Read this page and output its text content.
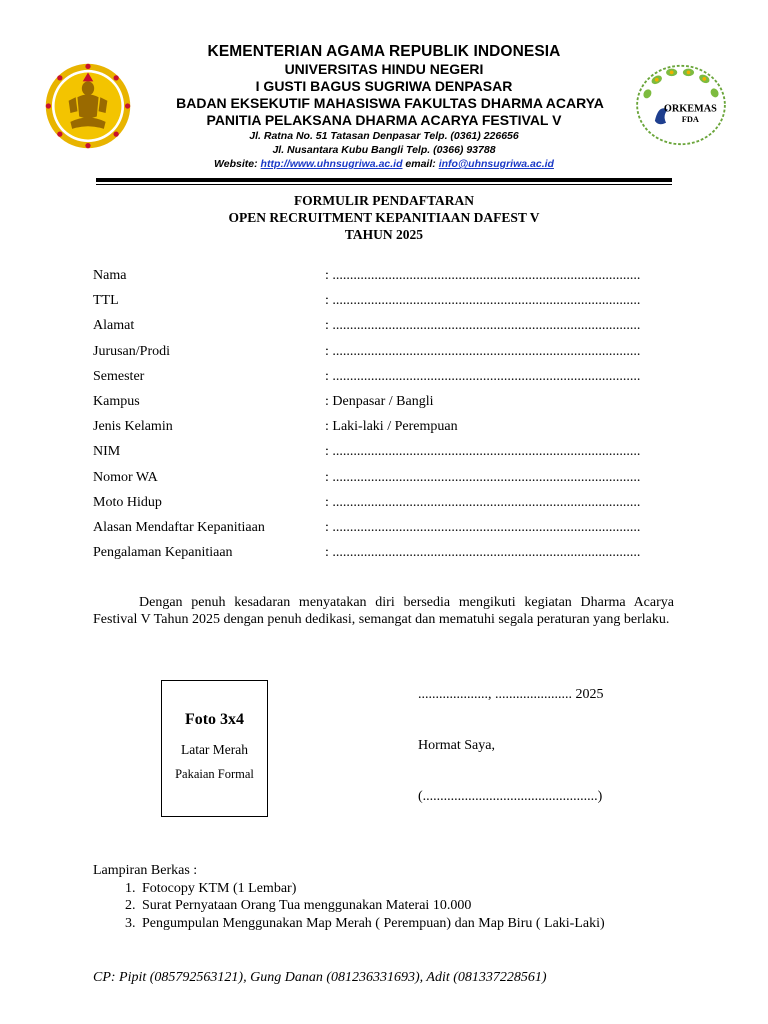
KEMENTERIAN AGAMA REPUBLIK INDONESIA
UNIVERSITAS HINDU NEGERI
I GUSTI BAGUS SUGRIWA DENPASAR
BADAN EKSEKUTIF MAHASISWA FAKULTAS DHARMA ACARYA
PANITIA PELAKSANA DHARMA ACARYA FESTIVAL V
Jl. Ratna No. 51 Tatasan Denpasar Telp. (0361) 226656
Jl. Nusantara Kubu Bangli Telp. (0366) 93788
Website: http://www.uhnsugriwa.ac.id email: info@uhnsugriwa.ac.id
ORKEMAS
FDA
FORMULIR PENDAFTARAN
OPEN RECRUITMENT KEPANITIAAN DAFEST V
TAHUN 2025
Nama	: ........................................................................................
TTL	: ........................................................................................
Alamat	: ........................................................................................
Jurusan/Prodi	: ........................................................................................
Semester	: ........................................................................................
Kampus	: Denpasar / Bangli
Jenis Kelamin	: Laki-laki / Perempuan
NIM	: ........................................................................................
Nomor WA	: ........................................................................................
Moto Hidup	: ........................................................................................
Alasan Mendaftar Kepanitiaan	: ........................................................................................
Pengalaman Kepanitiaan	: ........................................................................................

Dengan penuh kesadaran menyatakan diri bersedia mengikuti kegiatan Dharma Acarya Festival V Tahun 2025 dengan penuh dedikasi, semangat dan mematuhi segala peraturan yang berlaku.

Foto 3x4
Latar Merah
Pakaian Formal
...................., ...................... 2025
Hormat Saya,
(..................................................)
Lampiran Berkas :
1. Fotocopy KTM (1 Lembar)
2. Surat Pernyataan Orang Tua menggunakan Materai 10.000
3. Pengumpulan Menggunakan Map Merah ( Perempuan) dan Map Biru ( Laki-Laki)
CP: Pipit (085792563121), Gung Danan (081236331693), Adit (081337228561)
